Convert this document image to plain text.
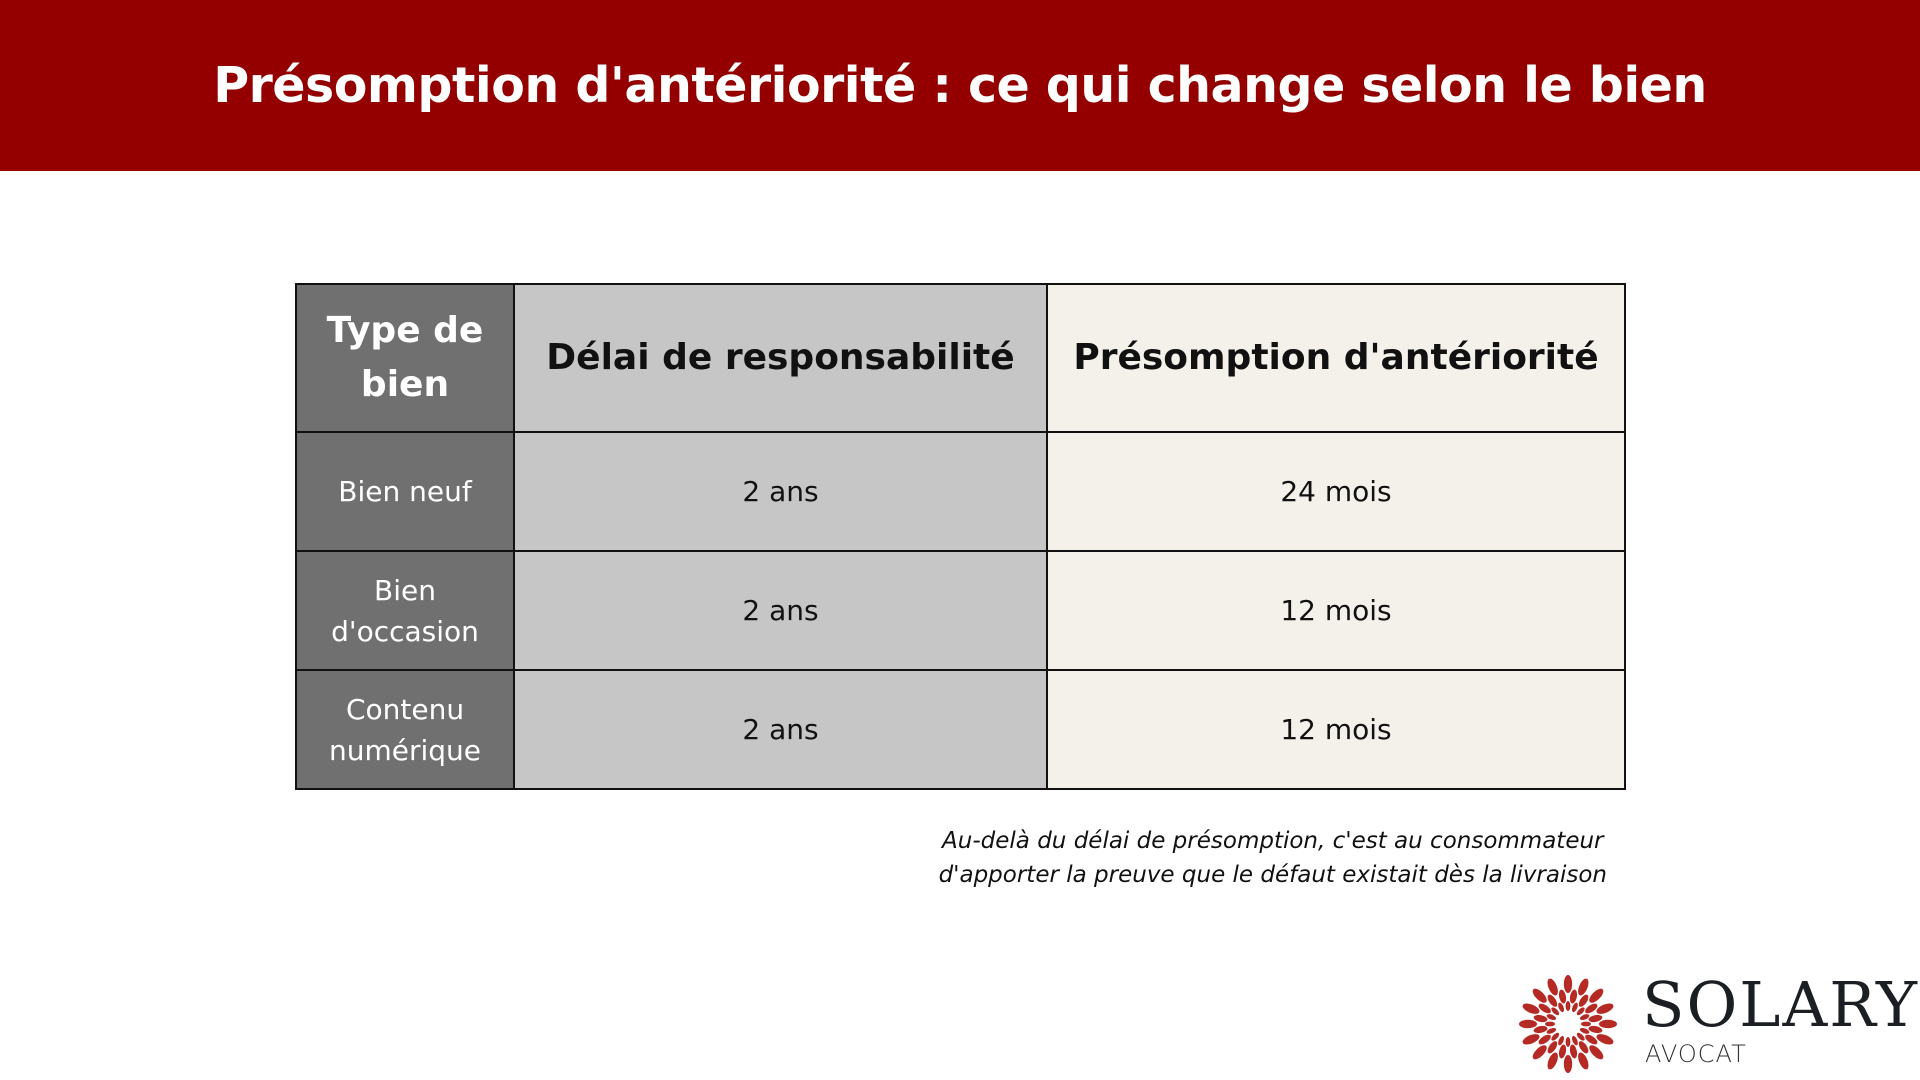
Présomption d'antériorité : ce qui change selon le bien
Type de bien	Délai de responsabilité	Présomption d'antériorité
Bien neuf	2 ans	24 mois
Bien d'occasion	2 ans	12 mois
Contenu numérique	2 ans	12 mois
Au-delà du délai de présomption, c'est au consommateur
d'apporter la preuve que le défaut existait dès la livraison
SOLARY
AVOCAT
